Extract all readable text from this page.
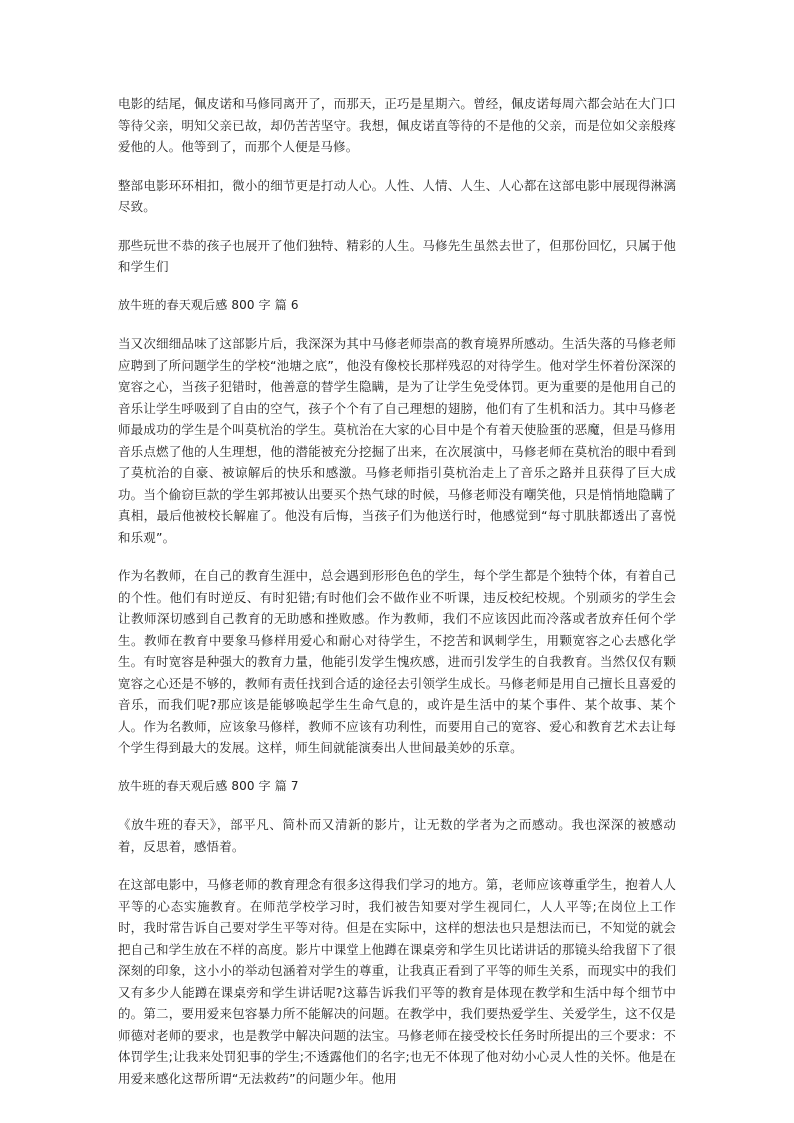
电影的结尾，佩皮诺和马修同离开了，而那天，正巧是星期六。曾经，佩皮诺每周六都会站在大门口等待父亲，明知父亲已故，却仍苦苦坚守。我想，佩皮诺直等待的不是他的父亲，而是位如父亲般疼爱他的人。他等到了，而那个人便是马修。

整部电影环环相扣，微小的细节更是打动人心。人性、人情、人生、人心都在这部电影中展现得淋漓尽致。

那些玩世不恭的孩子也展开了他们独特、精彩的人生。马修先生虽然去世了，但那份回忆，只属于他和学生们

放牛班的春天观后感 800 字 篇 6

当又次细细品味了这部影片后，我深深为其中马修老师崇高的教育境界所感动。生活失落的马修老师应聘到了所问题学生的学校“池塘之底”，他没有像校长那样残忍的对待学生。他对学生怀着份深深的宽容之心，当孩子犯错时，他善意的替学生隐瞒，是为了让学生免受体罚。更为重要的是他用自己的音乐让学生呼吸到了自由的空气，孩子个个有了自己理想的翅膀，他们有了生机和活力。其中马修老师最成功的学生是个叫莫杭治的学生。莫杭治在大家的心目中是个有着天使脸蛋的恶魔，但是马修用音乐点燃了他的人生理想，他的潜能被充分挖掘了出来，在次展演中，马修老师在莫杭治的眼中看到了莫杭治的自豪、被谅解后的快乐和感激。马修老师指引莫杭治走上了音乐之路并且获得了巨大成功。当个偷窃巨款的学生郭邦被认出要买个热气球的时候，马修老师没有嘲笑他，只是悄悄地隐瞒了真相，最后他被校长解雇了。他没有后悔，当孩子们为他送行时，他感觉到“每寸肌肤都透出了喜悦和乐观”。

作为名教师，在自己的教育生涯中，总会遇到形形色色的学生，每个学生都是个独特个体，有着自己的个性。他们有时逆反、有时犯错;有时他们会不做作业不听课，违反校纪校规。个别顽劣的学生会让教师深切感到自己教育的无助感和挫败感。作为教师，我们不应该因此而冷落或者放弃任何个学生。教师在教育中要象马修样用爱心和耐心对待学生，不挖苦和讽刺学生，用颗宽容之心去感化学生。有时宽容是种强大的教育力量，他能引发学生愧疚感，进而引发学生的自我教育。当然仅仅有颗宽容之心还是不够的，教师有责任找到合适的途径去引领学生成长。马修老师是用自己擅长且喜爱的音乐，而我们呢?那应该是能够唤起学生生命气息的，或许是生活中的某个事件、某个故事、某个人。作为名教师，应该象马修样，教师不应该有功利性，而要用自己的宽容、爱心和教育艺术去让每个学生得到最大的发展。这样，师生间就能演奏出人世间最美妙的乐章。

放牛班的春天观后感 800 字 篇 7

《放牛班的春天》，部平凡、简朴而又清新的影片，让无数的学者为之而感动。我也深深的被感动着，反思着，感悟着。

在这部电影中，马修老师的教育理念有很多这得我们学习的地方。第，老师应该尊重学生，抱着人人平等的心态实施教育。在师范学校学习时，我们被告知要对学生视同仁，人人平等;在岗位上工作时，我时常告诉自己要对学生平等对待。但是在实际中，这样的想法也只是想法而已，不知觉的就会把自己和学生放在不样的高度。影片中课堂上他蹲在课桌旁和学生贝比诺讲话的那镜头给我留下了很深刻的印象，这小小的举动包涵着对学生的尊重，让我真正看到了平等的师生关系，而现实中的我们又有多少人能蹲在课桌旁和学生讲话呢?这幕告诉我们平等的教育是体现在教学和生活中每个细节中的。第二，要用爱来包容暴力所不能解决的问题。在教学中，我们要热爱学生、关爱学生，这不仅是师德对老师的要求，也是教学中解决问题的法宝。马修老师在接受校长任务时所提出的三个要求：不体罚学生;让我来处罚犯事的学生;不透露他们的名字;也无不体现了他对幼小心灵人性的关怀。他是在用爱来感化这帮所谓“无法救药”的问题少年。他用
